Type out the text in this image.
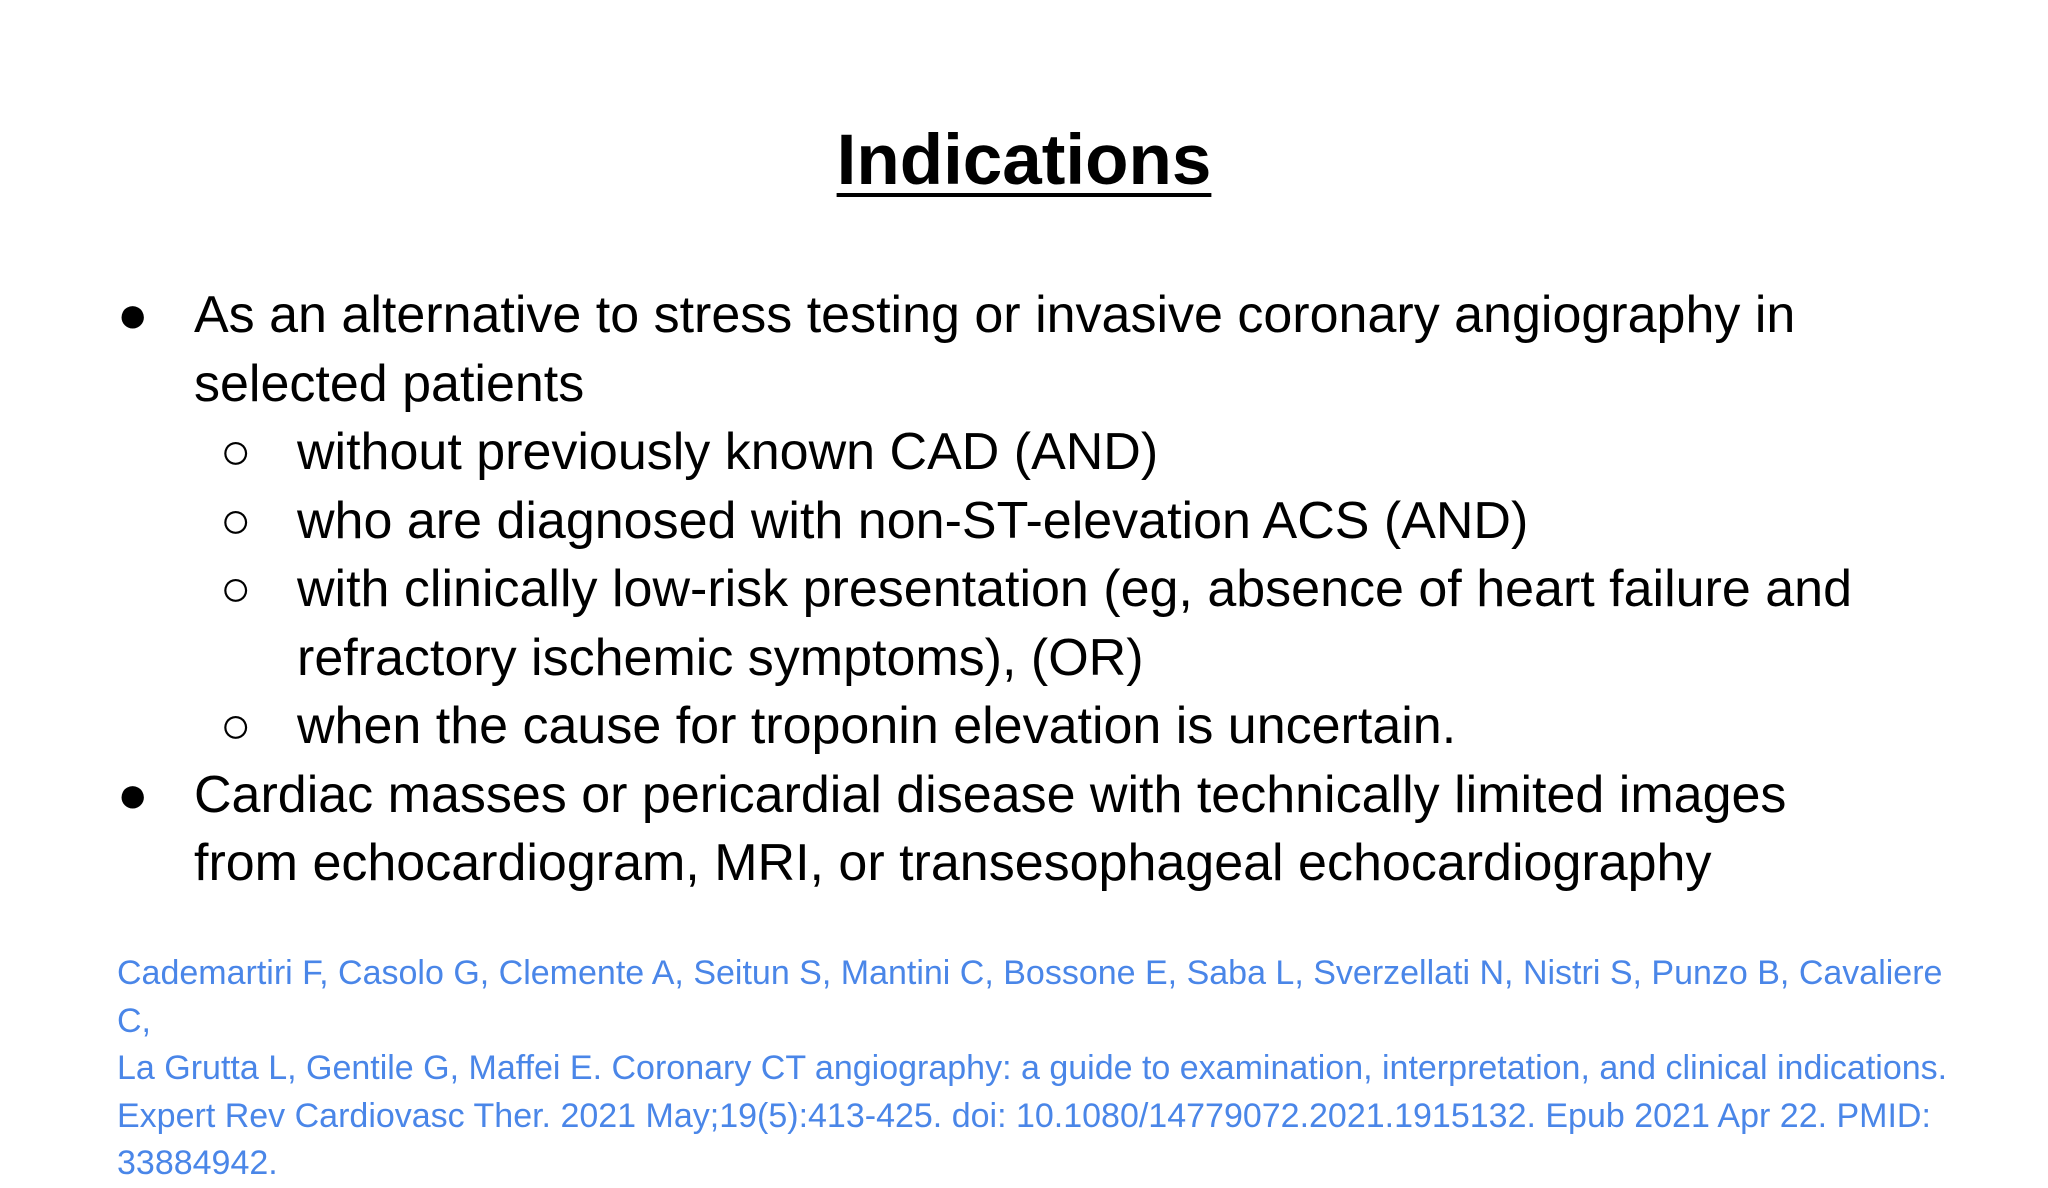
Indications
● As an alternative to stress testing or invasive coronary angiography in
selected patients
○ without previously known CAD (AND)
○ who are diagnosed with non-ST-elevation ACS (AND)
○ with clinically low-risk presentation (eg, absence of heart failure and
refractory ischemic symptoms), (OR)
○ when the cause for troponin elevation is uncertain.
● Cardiac masses or pericardial disease with technically limited images
from echocardiogram, MRI, or transesophageal echocardiography
Cademartiri F, Casolo G, Clemente A, Seitun S, Mantini C, Bossone E, Saba L, Sverzellati N, Nistri S, Punzo B, Cavaliere C,
La Grutta L, Gentile G, Maffei E. Coronary CT angiography: a guide to examination, interpretation, and clinical indications.
Expert Rev Cardiovasc Ther. 2021 May;19(5):413-425. doi: 10.1080/14779072.2021.1915132. Epub 2021 Apr 22. PMID:
33884942.
